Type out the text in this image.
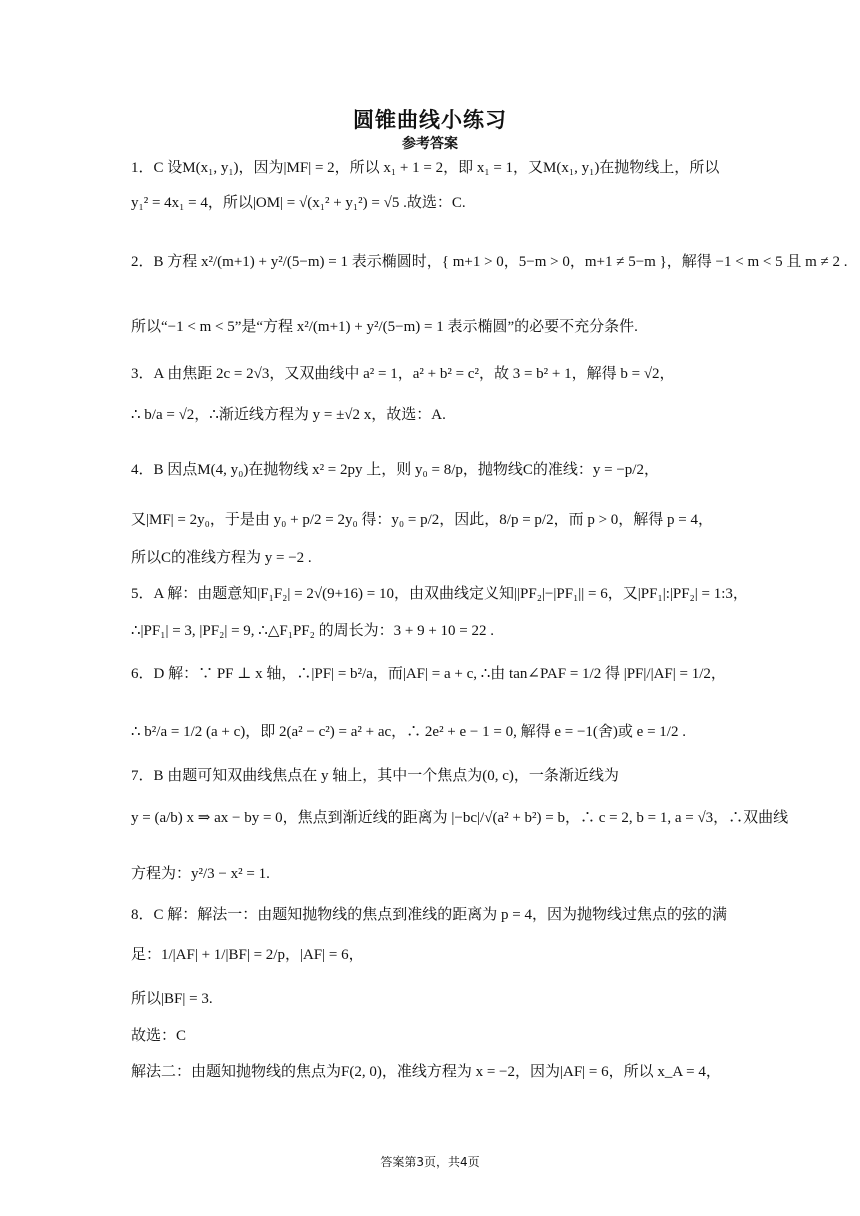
圆锥曲线小练习
参考答案
1．C 设M(x₁, y₁)，因为|MF| = 2，所以 x₁ + 1 = 2，即 x₁ = 1，又M(x₁, y₁)在抛物线上，所以
y₁² = 4x₁ = 4，所以|OM| = √(x₁² + y₁²) = √5 .故选：C.
2．B 方程 x²/(m+1) + y²/(5−m) = 1 表示椭圆时，{ m+1 > 0，5−m > 0，m+1 ≠ 5−m }，解得 −1 < m < 5 且 m ≠ 2 .
所以“−1 < m < 5”是“方程 x²/(m+1) + y²/(5−m) = 1 表示椭圆”的必要不充分条件.
3．A 由焦距 2c = 2√3，又双曲线中 a² = 1，a² + b² = c²，故 3 = b² + 1，解得 b = √2，
∴ b/a = √2，∴渐近线方程为 y = ±√2 x，故选：A.
4．B 因点M(4, y₀)在抛物线 x² = 2py 上，则 y₀ = 8/p，抛物线C的准线：y = −p/2，
又|MF| = 2y₀，于是由 y₀ + p/2 = 2y₀ 得：y₀ = p/2，因此，8/p = p/2，而 p > 0，解得 p = 4，
所以C的准线方程为 y = −2 .
5．A 解：由题意知|F₁F₂| = 2√(9+16) = 10，由双曲线定义知||PF₂|−|PF₁|| = 6，又|PF₁|:|PF₂| = 1:3，
∴|PF₁| = 3, |PF₂| = 9, ∴△F₁PF₂ 的周长为：3 + 9 + 10 = 22 .
6．D 解：∵ PF ⊥ x 轴，∴|PF| = b²/a，而|AF| = a + c, ∴由 tan∠PAF = 1/2 得 |PF|/|AF| = 1/2，
∴ b²/a = 1/2 (a + c)，即 2(a² − c²) = a² + ac，∴ 2e² + e − 1 = 0, 解得 e = −1(舍)或 e = 1/2 .
7．B 由题可知双曲线焦点在 y 轴上，其中一个焦点为(0, c)，一条渐近线为
y = (a/b) x ⇒ ax − by = 0，焦点到渐近线的距离为 |−bc|/√(a² + b²) = b，∴ c = 2, b = 1, a = √3，∴双曲线
方程为：y²/3 − x² = 1.
8．C 解：解法一：由题知抛物线的焦点到准线的距离为 p = 4，因为抛物线过焦点的弦的满
足：1/|AF| + 1/|BF| = 2/p，|AF| = 6，
所以|BF| = 3.
故选：C
解法二：由题知抛物线的焦点为F(2, 0)，准线方程为 x = −2，因为|AF| = 6，所以 x_A = 4，
答案第3页，共4页
